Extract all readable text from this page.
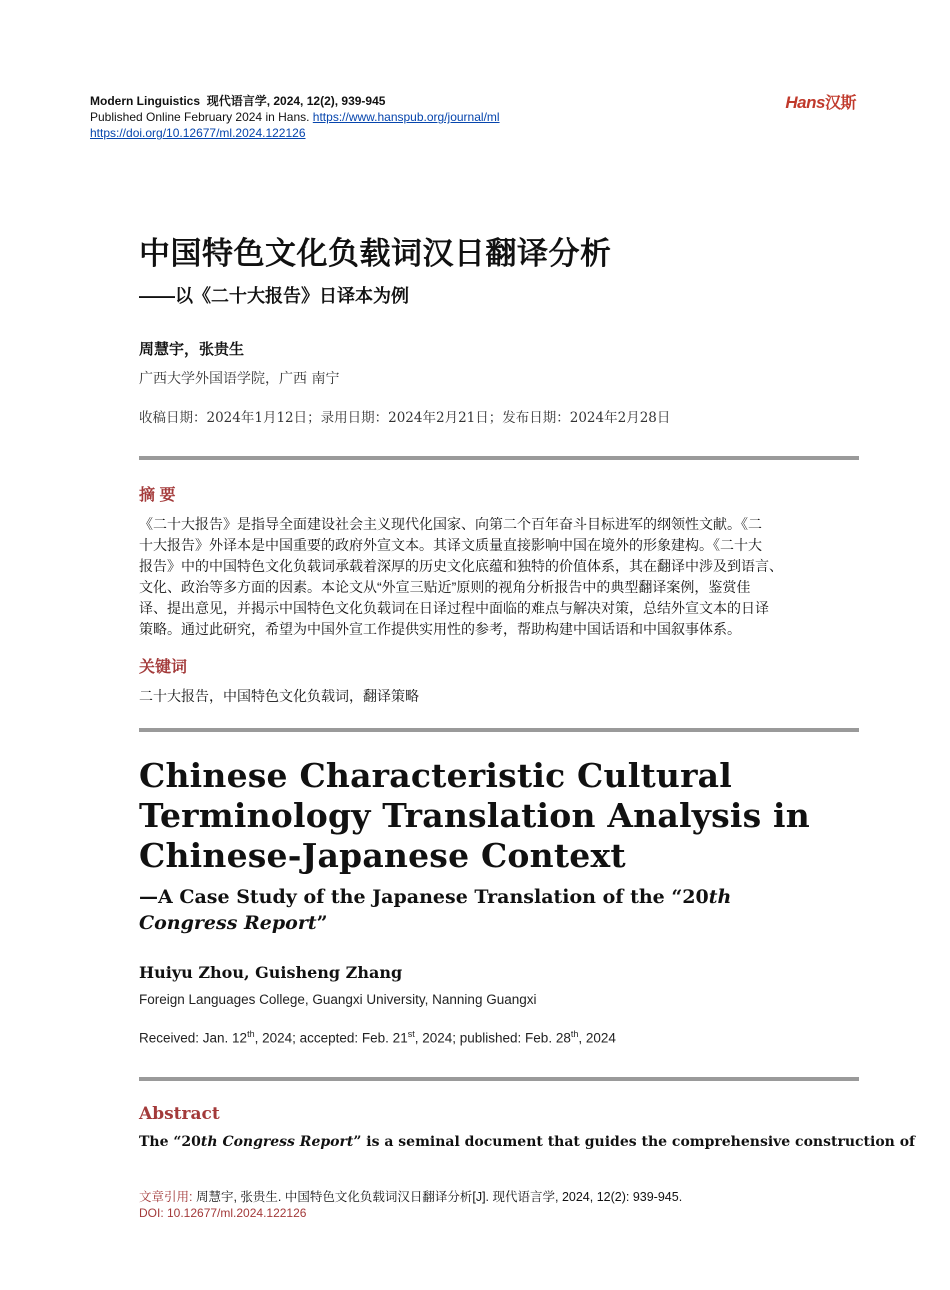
Modern Linguistics 现代语言学, 2024, 12(2), 939-945
Published Online February 2024 in Hans. https://www.hanspub.org/journal/ml
https://doi.org/10.12677/ml.2024.122126
Hans汉斯
中国特色文化负载词汉日翻译分析
——以《二十大报告》日译本为例
周慧宇，张贵生
广西大学外国语学院，广西 南宁
收稿日期：2024年1月12日；录用日期：2024年2月21日；发布日期：2024年2月28日
摘 要
《二十大报告》是指导全面建设社会主义现代化国家、向第二个百年奋斗目标进军的纲领性文献。《二
十大报告》外译本是中国重要的政府外宣文本。其译文质量直接影响中国在境外的形象建构。《二十大
报告》中的中国特色文化负载词承载着深厚的历史文化底蕴和独特的价值体系，其在翻译中涉及到语言、
文化、政治等多方面的因素。本论文从“外宣三贴近”原则的视角分析报告中的典型翻译案例，鉴赏佳
译、提出意见，并揭示中国特色文化负载词在日译过程中面临的难点与解决对策，总结外宣文本的日译
策略。通过此研究，希望为中国外宣工作提供实用性的参考，帮助构建中国话语和中国叙事体系。
关键词
二十大报告，中国特色文化负载词，翻译策略
Chinese Characteristic Cultural Terminology Translation Analysis in Chinese-Japanese Context
—A Case Study of the Japanese Translation of the “20th
Congress Report”
Huiyu Zhou, Guisheng Zhang
Foreign Languages College, Guangxi University, Nanning Guangxi
Received: Jan. 12th, 2024; accepted: Feb. 21st, 2024; published: Feb. 28th, 2024
Abstract
The “20th Congress Report” is a seminal document that guides the comprehensive construction of
文章引用: 周慧宇, 张贵生. 中国特色文化负载词汉日翻译分析[J]. 现代语言学, 2024, 12(2): 939-945.
DOI: 10.12677/ml.2024.122126
